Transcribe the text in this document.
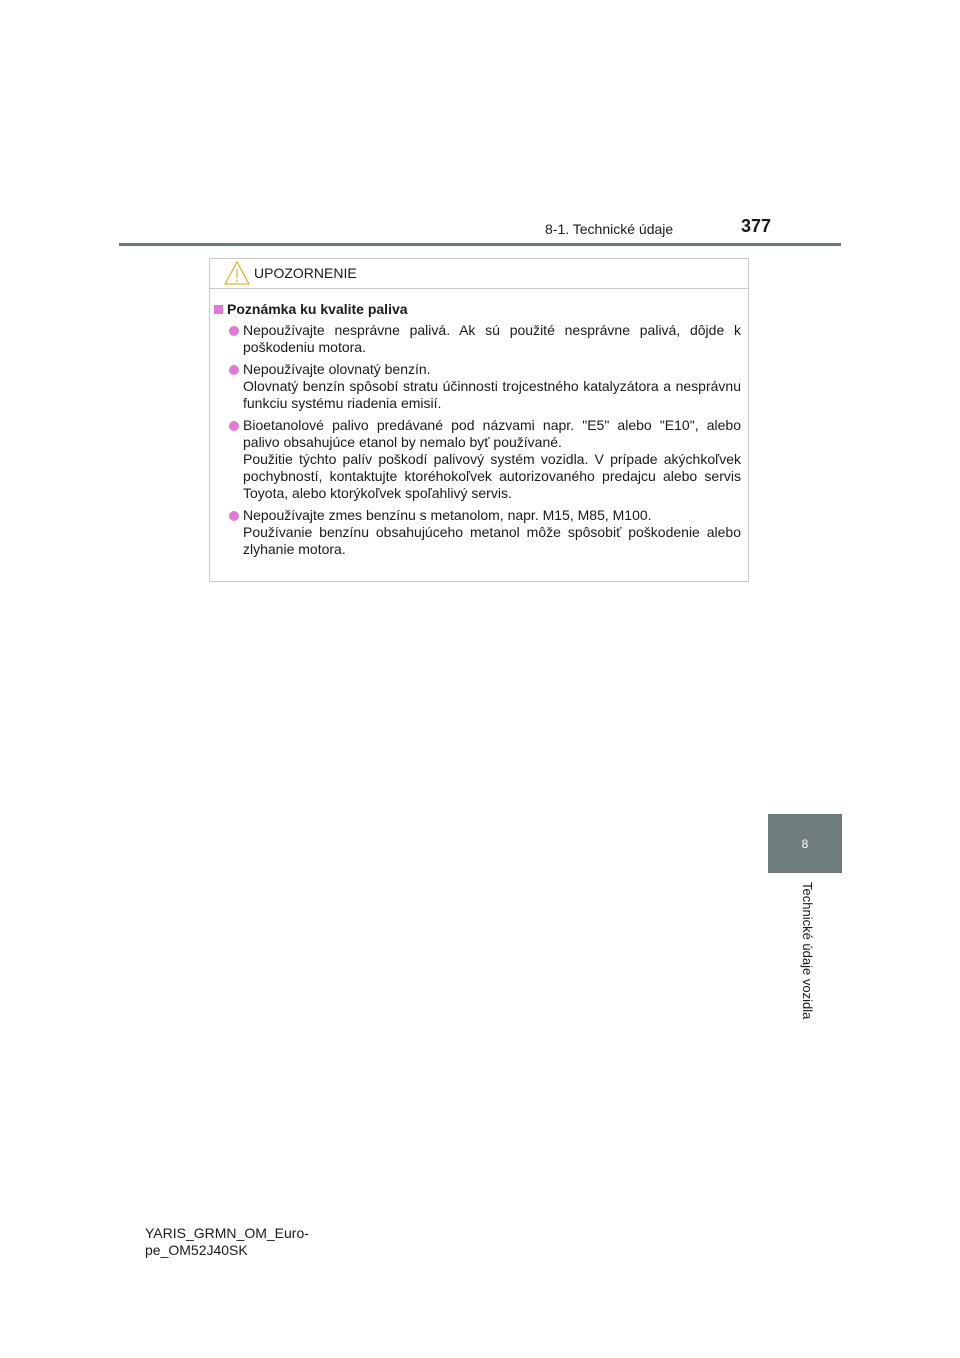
8-1. Technické údaje	377
8
Technické údaje vozidla
UPOZORNENIE
Poznámka ku kvalite paliva
Nepoužívajte nesprávne palivá. Ak sú použité nesprávne palivá, dôjde k poškodeniu motora.
Nepoužívajte olovnatý benzín.
Olovnatý benzín spôsobí stratu účinnosti trojcestného katalyzátora a nesprávnu funkciu systému riadenia emisií.
Bioetanolové palivo predávané pod názvami napr. "E5" alebo "E10", alebo palivo obsahujúce etanol by nemalo byť používané.
Použitie týchto palív poškodí palivový systém vozidla. V prípade akýchkoľvek pochybností, kontaktujte ktoréhokoľvek autorizovaného predajcu alebo servis Toyota, alebo ktorýkoľvek spoľahlivý servis.
Nepoužívajte zmes benzínu s metanolom, napr. M15, M85, M100.
Používanie benzínu obsahujúceho metanol môže spôsobiť poškodenie alebo zlyhanie motora.
YARIS_GRMN_OM_Euro-
pe_OM52J40SK
